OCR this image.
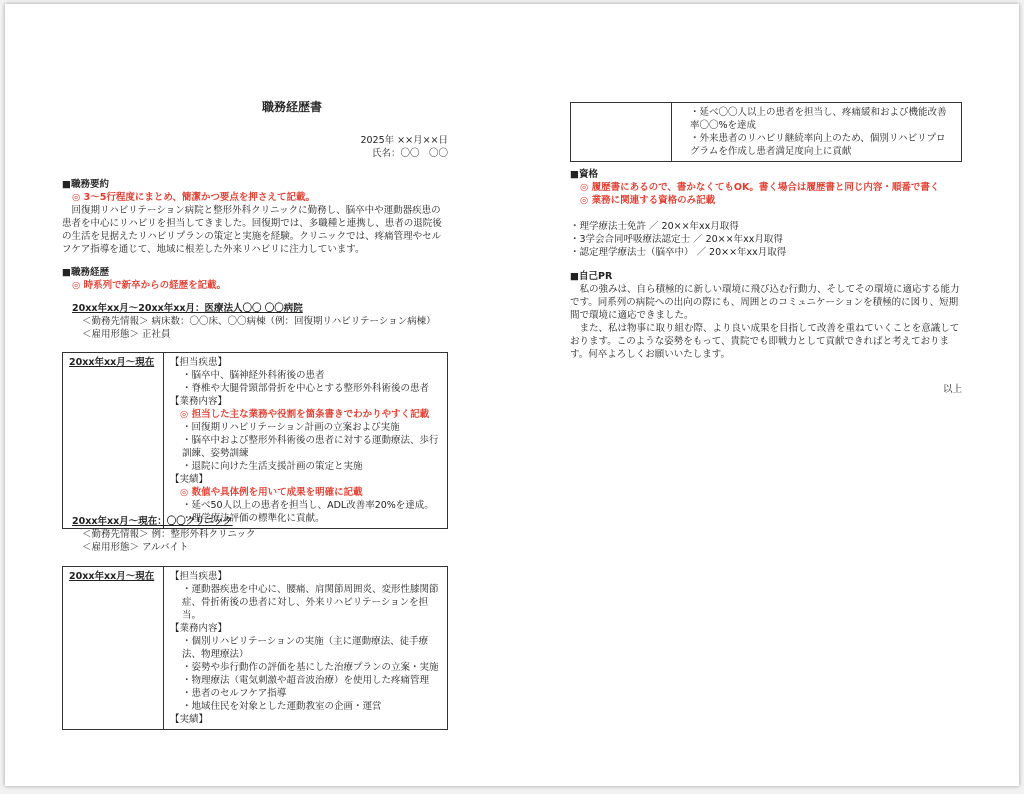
職務経歴書
2025年 ××月××日
氏名：〇〇　〇〇
■職務要約
◎ 3〜5行程度にまとめ、簡潔かつ要点を押さえて記載。
回復期リハビリテーション病院と整形外科クリニックに勤務し、脳卒中や運動器疾患の患者を中心にリハビリを担当してきました。回復期では、多職種と連携し、患者の退院後の生活を見据えたリハビリプランの策定と実施を経験。クリニックでは、疼痛管理やセルフケア指導を通じて、地域に根差した外来リハビリに注力しています。
■職務経歴
◎ 時系列で新卒からの経歴を記載。
20xx年xx月〜20xx年xx月：医療法人〇〇 〇〇病院
＜勤務先情報＞ 病床数：〇〇床、〇〇病棟（例：回復期リハビリテーション病棟）
＜雇用形態＞ 正社員
20xx年xx月〜現在	【担当疾患】
・脳卒中、脳神経外科術後の患者
・脊椎や大腿骨頸部骨折を中心とする整形外科術後の患者
【業務内容】
◎ 担当した主な業務や役割を箇条書きでわかりやすく記載
・回復期リハビリテーション計画の立案および実施
・脳卒中および整形外科術後の患者に対する運動療法、歩行訓練、姿勢訓練
・退院に向けた生活支援計画の策定と実施
【実績】
◎ 数値や具体例を用いて成果を明確に記載
・延べ50人以上の患者を担当し、ADL改善率20%を達成。
・理学療法評価の標準化に貢献。
20xx年xx月〜現在：〇〇クリニック
＜勤務先情報＞ 例：整形外科クリニック
＜雇用形態＞ アルバイト
20xx年xx月〜現在	【担当疾患】
・運動器疾患を中心に、腰痛、肩関節周囲炎、変形性膝関節症、骨折術後の患者に対し、外来リハビリテーションを担当。
【業務内容】
・個別リハビリテーションの実施（主に運動療法、徒手療法、物理療法）
・姿勢や歩行動作の評価を基にした治療プランの立案・実施
・物理療法（電気刺激や超音波治療）を使用した疼痛管理
・患者のセルフケア指導
・地域住民を対象とした運動教室の企画・運営
【実績】

・延べ〇〇人以上の患者を担当し、疼痛緩和および機能改善率〇〇%を達成
・外来患者のリハビリ継続率向上のため、個別リハビリプログラムを作成し患者満足度向上に貢献
■資格
◎ 履歴書にあるので、書かなくてもOK。書く場合は履歴書と同じ内容・順番で書く
◎ 業務に関連する資格のみ記載
・理学療法士免許 ／ 20××年xx月取得
・3学会合同呼吸療法認定士 ／ 20××年xx月取得
・認定理学療法士（脳卒中） ／ 20××年xx月取得
■自己PR
私の強みは、自ら積極的に新しい環境に飛び込む行動力、そしてその環境に適応する能力です。同系列の病院への出向の際にも、周囲とのコミュニケーションを積極的に図り、短期間で環境に適応できました。
また、私は物事に取り組む際、より良い成果を目指して改善を重ねていくことを意識しております。このような姿勢をもって、貴院でも即戦力として貢献できればと考えております。何卒よろしくお願いいたします。
以上
